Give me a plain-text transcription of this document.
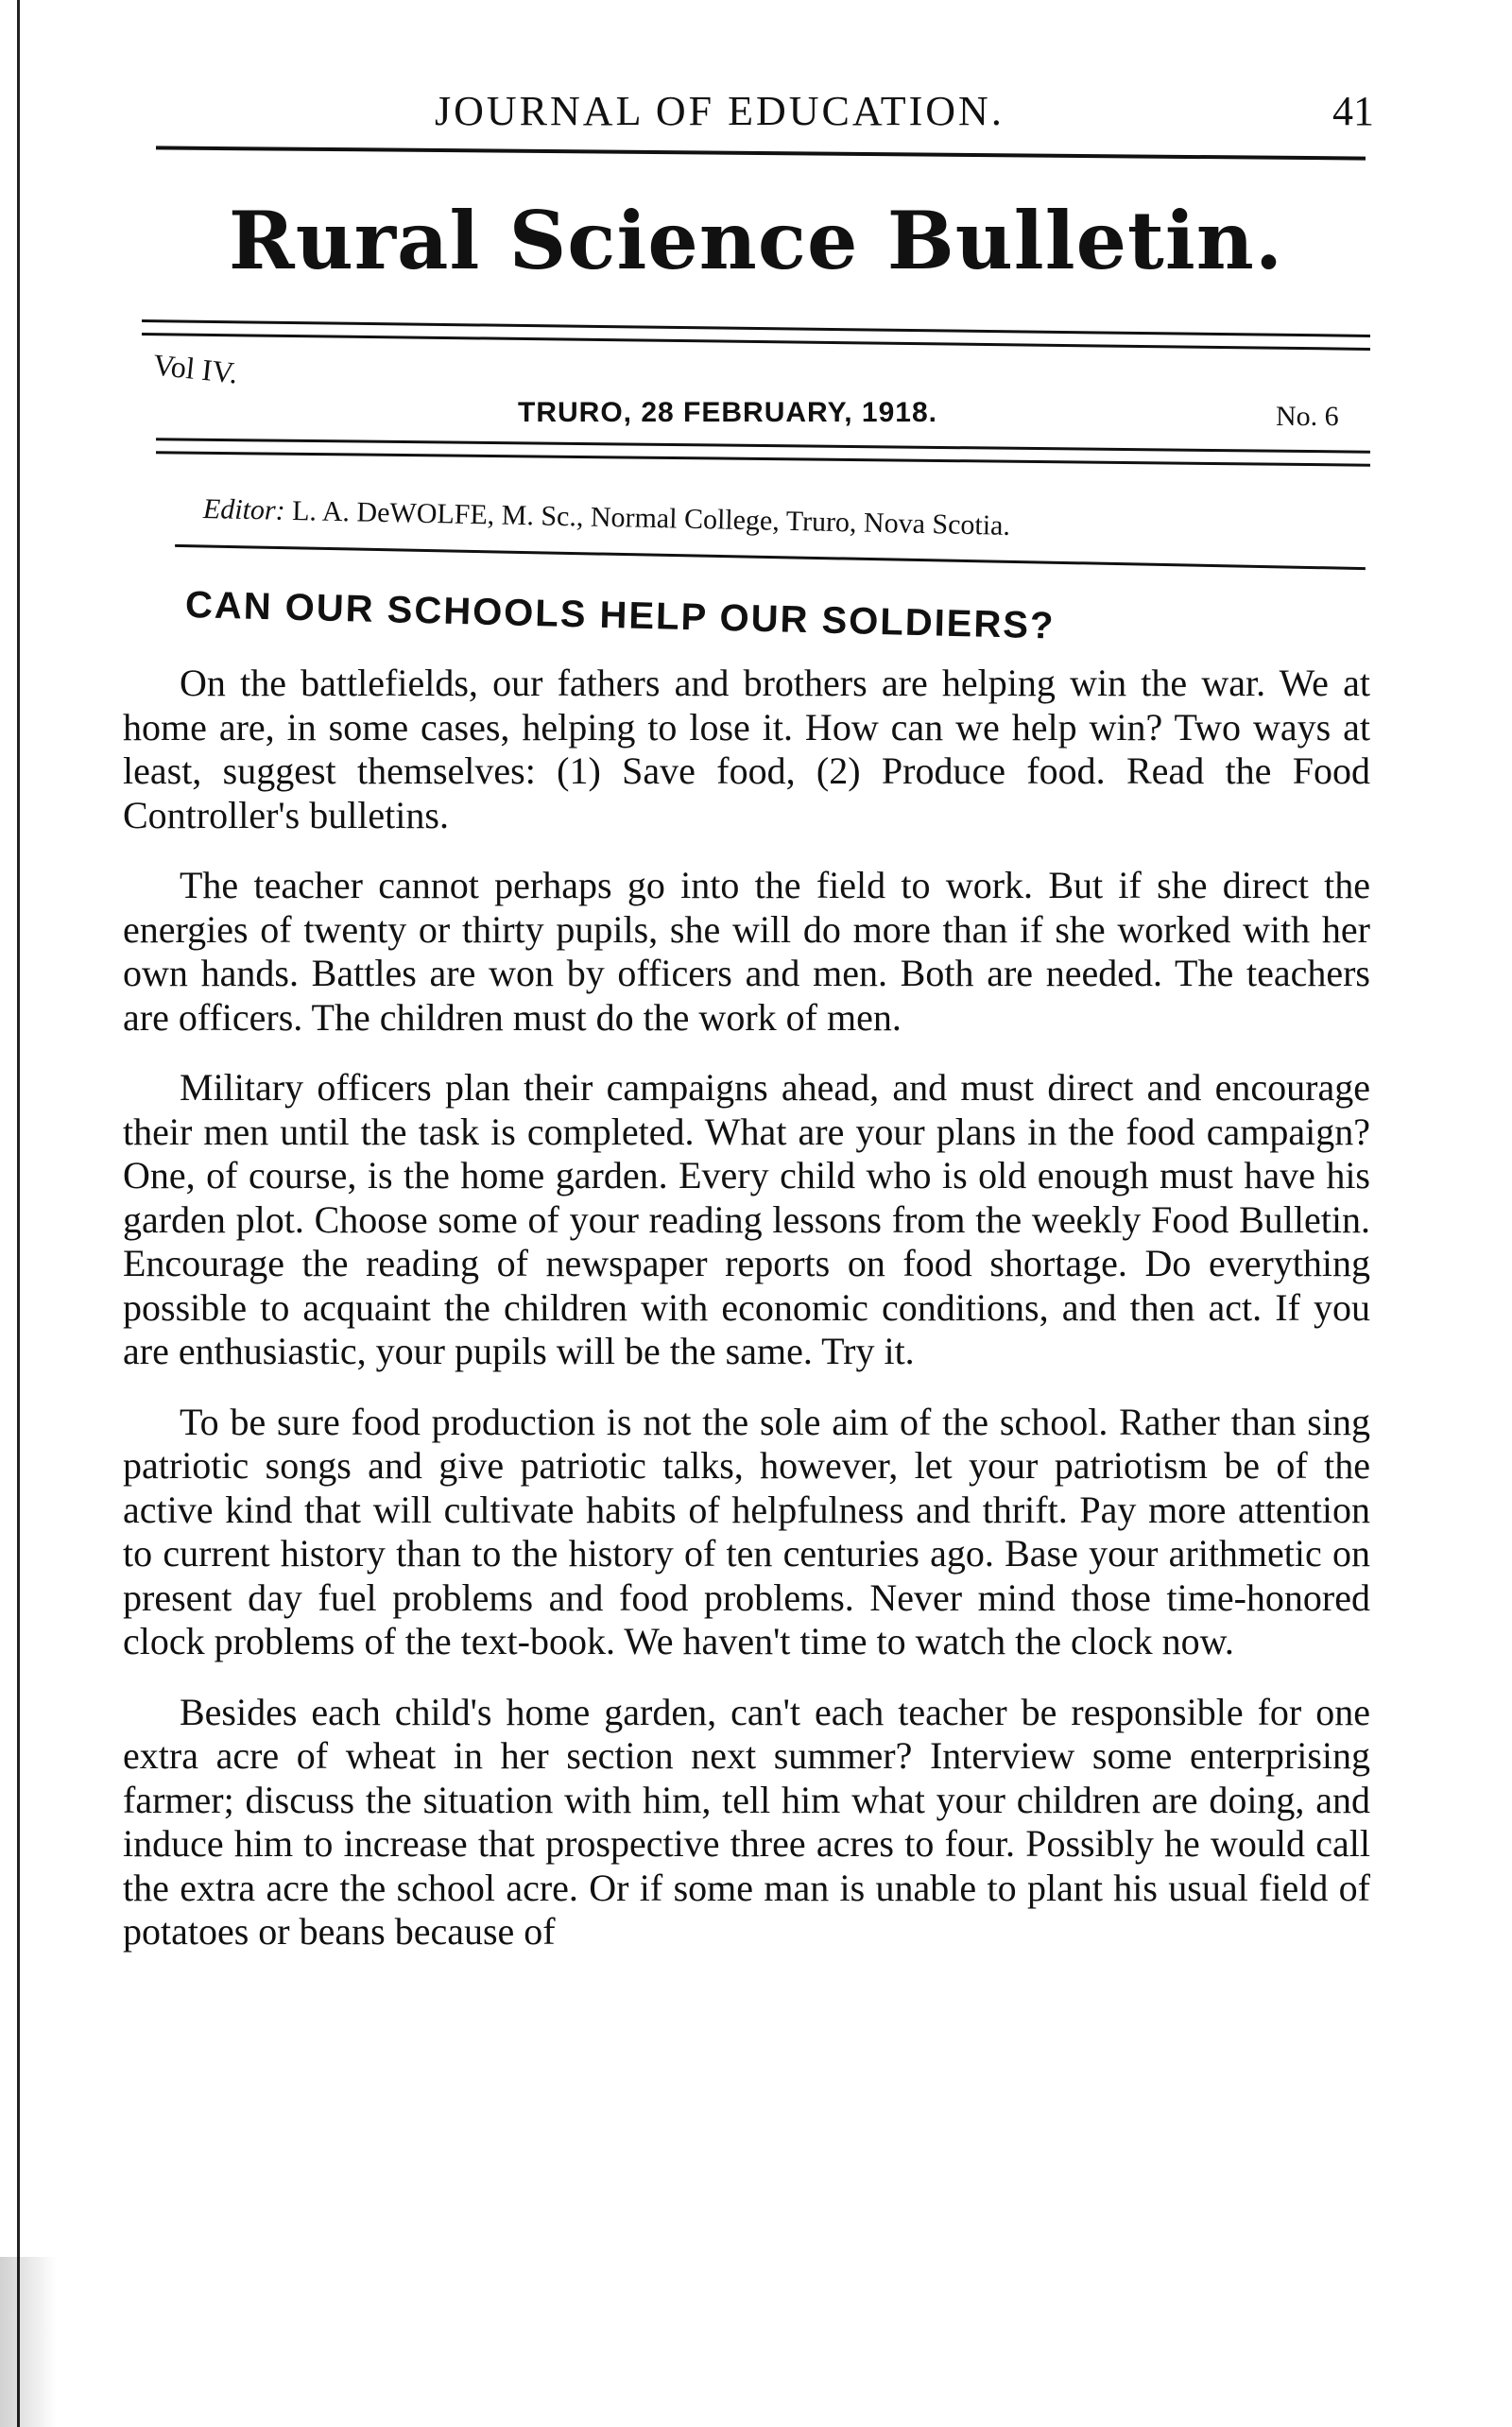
JOURNAL OF EDUCATION.	41
Rural Science Bulletin.
Vol IV.
TRURO, 28 FEBRUARY, 1918.	No. 6
Editor: L. A. DeWOLFE, M. Sc., Normal College, Truro, Nova Scotia.
CAN OUR SCHOOLS HELP OUR SOLDIERS?

On the battlefields, our fathers and brothers are helping win the war. We at home are, in some cases, helping to lose it. How can we help win? Two ways at least, suggest themselves: (1) Save food, (2) Produce food. Read the Food Controller's bulletins.

The teacher cannot perhaps go into the field to work. But if she direct the energies of twenty or thirty pupils, she will do more than if she worked with her own hands. Battles are won by officers and men. Both are needed. The teachers are officers. The children must do the work of men.

Military officers plan their campaigns ahead, and must direct and encourage their men until the task is completed. What are your plans in the food campaign? One, of course, is the home garden. Every child who is old enough must have his garden plot. Choose some of your reading lessons from the weekly Food Bulletin. Encourage the reading of newspaper reports on food shortage. Do everything possible to acquaint the children with economic conditions, and then act. If you are enthusiastic, your pupils will be the same. Try it.

To be sure food production is not the sole aim of the school. Rather than sing patriotic songs and give patriotic talks, however, let your patriotism be of the active kind that will cultivate habits of helpfulness and thrift. Pay more attention to current history than to the history of ten centuries ago. Base your arithmetic on present day fuel problems and food problems. Never mind those time-honored clock problems of the text-book. We haven't time to watch the clock now.

Besides each child's home garden, can't each teacher be responsible for one extra acre of wheat in her section next summer? Interview some enterprising farmer; discuss the situation with him, tell him what your children are doing, and induce him to increase that prospective three acres to four. Possibly he would call the extra acre the school acre. Or if some man is unable to plant his usual field of potatoes or beans because of
